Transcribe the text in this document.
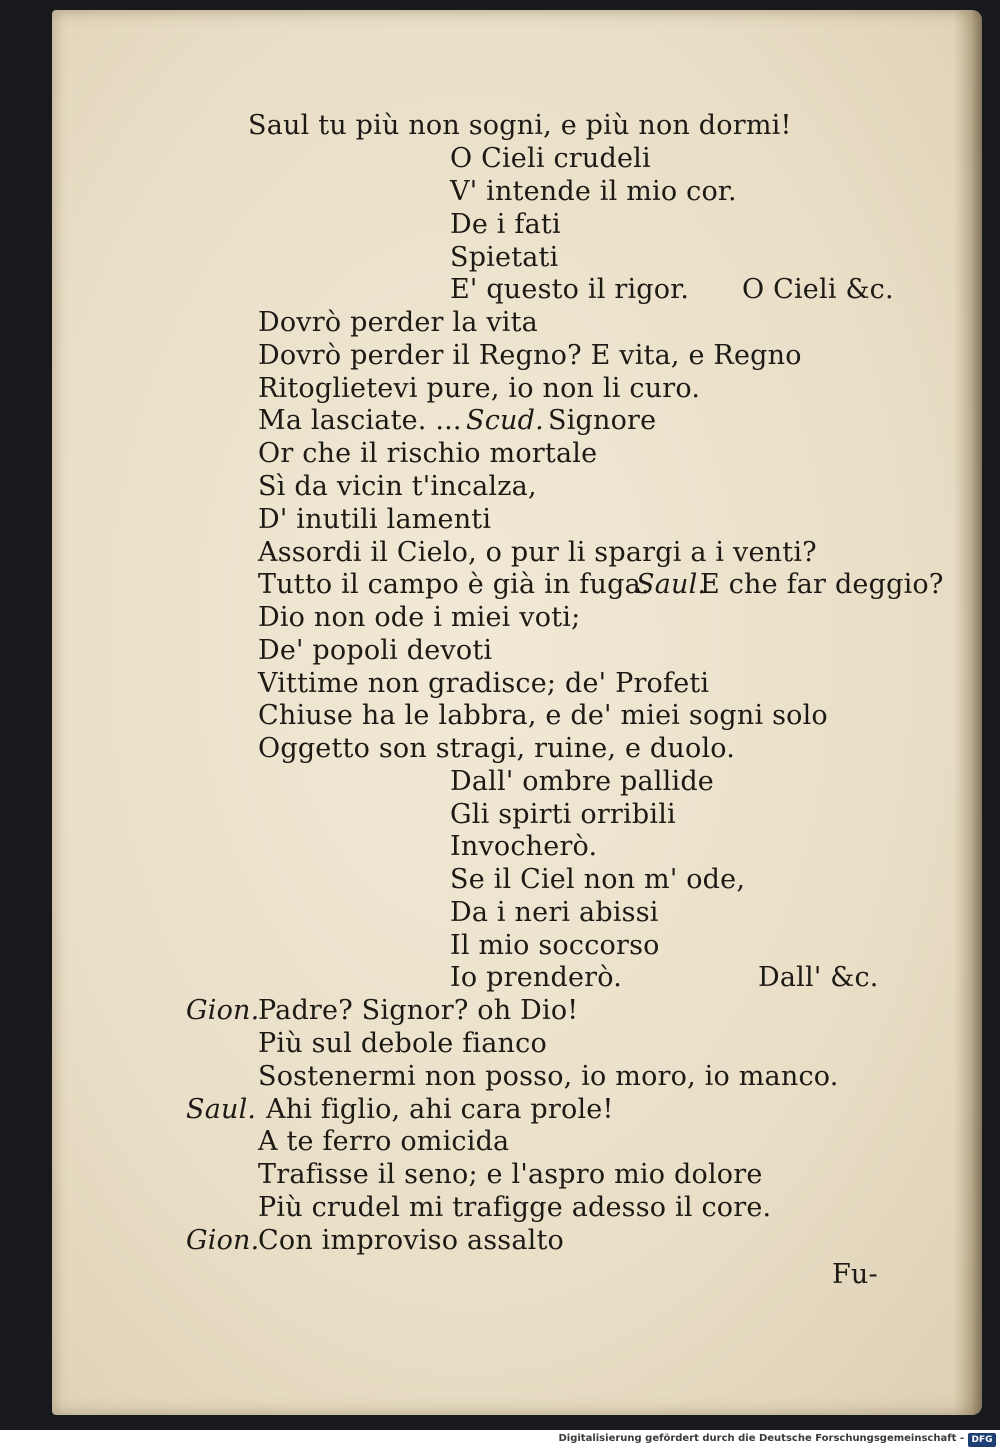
Saul tu più non sogni, e più non dormi!
O Cieli crudeli
V' intende il mio cor.
De i fati
Spietati
E' questo il rigor. O Cieli &c.
Dovrò perder la vita
Dovrò perder il Regno? E vita, e Regno
Ritoglietevi pure, io non li curo.
Ma lasciate. ... Scud. Signore
Or che il rischio mortale
Sì da vicin t'incalza,
D' inutili lamenti
Assordi il Cielo, o pur li spargi a i venti?
Tutto il campo è già in fuga.
Saul.
E che far deggio?
Dio non ode i miei voti;
De' popoli devoti
Vittime non gradisce; de' Profeti
Chiuse ha le labbra, e de' miei sogni solo
Oggetto son stragi, ruine, e duolo.
Dall' ombre pallide
Gli spirti orribili
Invocherò.
Se il Ciel non m' ode,
Da i neri abissi
Il mio soccorso
Io prenderò.	Dall' &c.
Gion.
Padre? Signor? oh Dio!
Più sul debole fianco
Sostenermi non posso, io moro, io manco.
Saul. Ahi figlio, ahi cara prole!
A te ferro omicida
Trafisse il seno; e l'aspro mio dolore
Più crudel mi trafigge adesso il core.
Gion.
Con improviso assalto
Fu-
Digitalisierung gefördert durch die Deutsche Forschungsgemeinschaft - DFG
